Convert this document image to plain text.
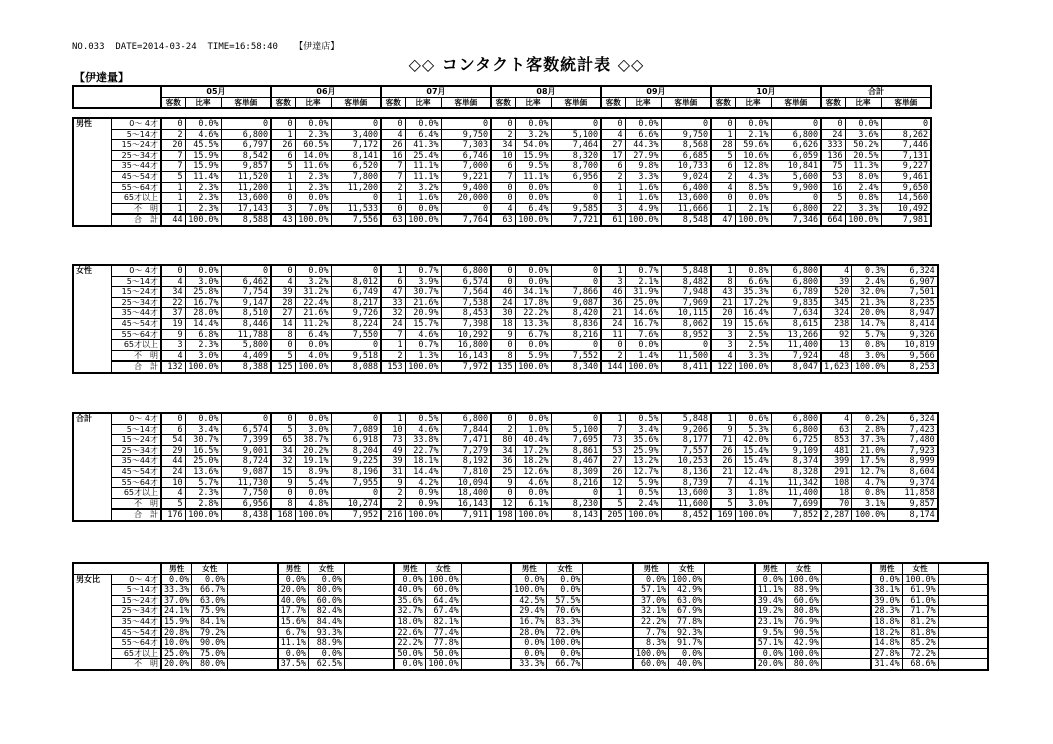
NO.033 DATE=2014-03-24 TIME=16:58:40 【伊達店】
◇◇ コンタクト客数統計表 ◇◇
【伊達量】
	05月			06月			07月			08月			09月			10月			合計		
	客数	比率	客単価	客数	比率	客単価	客数	比率	客単価	客数	比率	客単価	客数	比率	客単価	客数	比率	客単価	客数	比率	客単価
男性	0～ 4才	0	0.0%	0	0	0.0%	0	0	0.0%	0	0	0.0%	0	0	0.0%	0	0	0.0%	0	0	0.0%	0
	5～14才	2	4.6%	6,800	1	2.3%	3,400	4	6.4%	9,750	2	3.2%	5,100	4	6.6%	9,750	1	2.1%	6,800	24	3.6%	8,262
	15～24才	20	45.5%	6,797	26	60.5%	7,172	26	41.3%	7,303	34	54.0%	7,464	27	44.3%	8,568	28	59.6%	6,626	333	50.2%	7,446
	25～34才	7	15.9%	8,542	6	14.0%	8,141	16	25.4%	6,746	10	15.9%	8,320	17	27.9%	6,685	5	10.6%	6,059	136	20.5%	7,131
	35～44才	7	15.9%	9,857	5	11.6%	6,520	7	11.1%	7,000	6	9.5%	8,700	6	9.8%	10,733	6	12.8%	10,841	75	11.3%	9,227
	45～54才	5	11.4%	11,520	1	2.3%	7,800	7	11.1%	9,221	7	11.1%	6,956	2	3.3%	9,024	2	4.3%	5,600	53	8.0%	9,461
	55～64才	1	2.3%	11,200	1	2.3%	11,200	2	3.2%	9,400	0	0.0%	0	1	1.6%	6,400	4	8.5%	9,900	16	2.4%	9,650
	65才以上	1	2.3%	13,600	0	0.0%	0	1	1.6%	20,000	0	0.0%	0	1	1.6%	13,600	0	0.0%	0	5	0.8%	14,560
	不　明	1	2.3%	17,143	3	7.0%	11,533	0	0.0%	0	4	6.4%	9,585	3	4.9%	11,666	1	2.1%	6,800	22	3.3%	10,492
	合　計	44	100.0%	8,588	43	100.0%	7,556	63	100.0%	7,764	63	100.0%	7,721	61	100.0%	8,548	47	100.0%	7,346	664	100.0%	7,981
女性	0～ 4才	0	0.0%	0	0	0.0%	0	1	0.7%	6,800	0	0.0%	0	1	0.7%	5,848	1	0.8%	6,800	4	0.3%	6,324
	5～14才	4	3.0%	6,462	4	3.2%	8,012	6	3.9%	6,574	0	0.0%	0	3	2.1%	8,482	8	6.6%	6,800	39	2.4%	6,907
	15～24才	34	25.8%	7,754	39	31.2%	6,749	47	30.7%	7,564	46	34.1%	7,866	46	31.9%	7,948	43	35.3%	6,789	520	32.0%	7,501
	25～34才	22	16.7%	9,147	28	22.4%	8,217	33	21.6%	7,538	24	17.8%	9,087	36	25.0%	7,969	21	17.2%	9,835	345	21.3%	8,235
	35～44才	37	28.0%	8,510	27	21.6%	9,726	32	20.9%	8,453	30	22.2%	8,420	21	14.6%	10,115	20	16.4%	7,634	324	20.0%	8,947
	45～54才	19	14.4%	8,446	14	11.2%	8,224	24	15.7%	7,398	18	13.3%	8,836	24	16.7%	8,062	19	15.6%	8,615	238	14.7%	8,414
	55～64才	9	6.8%	11,788	8	6.4%	7,550	7	4.6%	10,292	9	6.7%	8,216	11	7.6%	8,952	3	2.5%	13,266	92	5.7%	9,326
	65才以上	3	2.3%	5,800	0	0.0%	0	1	0.7%	16,800	0	0.0%	0	0	0.0%	0	3	2.5%	11,400	13	0.8%	10,819
	不　明	4	3.0%	4,409	5	4.0%	9,518	2	1.3%	16,143	8	5.9%	7,552	2	1.4%	11,500	4	3.3%	7,924	48	3.0%	9,566
	合　計	132	100.0%	8,388	125	100.0%	8,088	153	100.0%	7,972	135	100.0%	8,340	144	100.0%	8,411	122	100.0%	8,047	1,623	100.0%	8,253
合計	0～ 4才	0	0.0%	0	0	0.0%	0	1	0.5%	6,800	0	0.0%	0	1	0.5%	5,848	1	0.6%	6,800	4	0.2%	6,324
	5～14才	6	3.4%	6,574	5	3.0%	7,089	10	4.6%	7,844	2	1.0%	5,100	7	3.4%	9,206	9	5.3%	6,800	63	2.8%	7,423
	15～24才	54	30.7%	7,399	65	38.7%	6,918	73	33.8%	7,471	80	40.4%	7,695	73	35.6%	8,177	71	42.0%	6,725	853	37.3%	7,480
	25～34才	29	16.5%	9,001	34	20.2%	8,204	49	22.7%	7,279	34	17.2%	8,861	53	25.9%	7,557	26	15.4%	9,109	481	21.0%	7,923
	35～44才	44	25.0%	8,724	32	19.1%	9,225	39	18.1%	8,192	36	18.2%	8,467	27	13.2%	10,253	26	15.4%	8,374	399	17.5%	8,999
	45～54才	24	13.6%	9,087	15	8.9%	8,196	31	14.4%	7,810	25	12.6%	8,309	26	12.7%	8,136	21	12.4%	8,328	291	12.7%	8,604
	55～64才	10	5.7%	11,730	9	5.4%	7,955	9	4.2%	10,094	9	4.6%	8,216	12	5.9%	8,739	7	4.1%	11,342	108	4.7%	9,374
	65才以上	4	2.3%	7,750	0	0.0%	0	2	0.9%	18,400	0	0.0%	0	1	0.5%	13,600	3	1.8%	11,400	18	0.8%	11,858
	不　明	5	2.8%	6,956	8	4.8%	10,274	2	0.9%	16,143	12	6.1%	8,230	5	2.4%	11,600	5	3.0%	7,699	70	3.1%	9,857
	合　計	176	100.0%	8,438	168	100.0%	7,952	216	100.0%	7,911	198	100.0%	8,143	205	100.0%	8,452	169	100.0%	7,852	2,287	100.0%	8,174
		男性	女性		男性	女性		男性	女性		男性	女性		男性	女性		男性	女性		男性	女性	
男女比	0～ 4才	0.0%	0.0%		0.0%	0.0%		0.0%	100.0%		0.0%	0.0%		0.0%	100.0%		0.0%	100.0%		0.0%	100.0%	
	5～14才	33.3%	66.7%		20.0%	80.0%		40.0%	60.0%		100.0%	0.0%		57.1%	42.9%		11.1%	88.9%		38.1%	61.9%	
	15～24才	37.0%	63.0%		40.0%	60.0%		35.6%	64.4%		42.5%	57.5%		37.0%	63.0%		39.4%	60.6%		39.0%	61.0%	
	25～34才	24.1%	75.9%		17.7%	82.4%		32.7%	67.4%		29.4%	70.6%		32.1%	67.9%		19.2%	80.8%		28.3%	71.7%	
	35～44才	15.9%	84.1%		15.6%	84.4%		18.0%	82.1%		16.7%	83.3%		22.2%	77.8%		23.1%	76.9%		18.8%	81.2%	
	45～54才	20.8%	79.2%		6.7%	93.3%		22.6%	77.4%		28.0%	72.0%		7.7%	92.3%		9.5%	90.5%		18.2%	81.8%	
	55～64才	10.0%	90.0%		11.1%	88.9%		22.2%	77.8%		0.0%	100.0%		8.3%	91.7%		57.1%	42.9%		14.8%	85.2%	
	65才以上	25.0%	75.0%		0.0%	0.0%		50.0%	50.0%		0.0%	0.0%		100.0%	0.0%		0.0%	100.0%		27.8%	72.2%	
	不　明	20.0%	80.0%		37.5%	62.5%		0.0%	100.0%		33.3%	66.7%		60.0%	40.0%		20.0%	80.0%		31.4%	68.6%	
